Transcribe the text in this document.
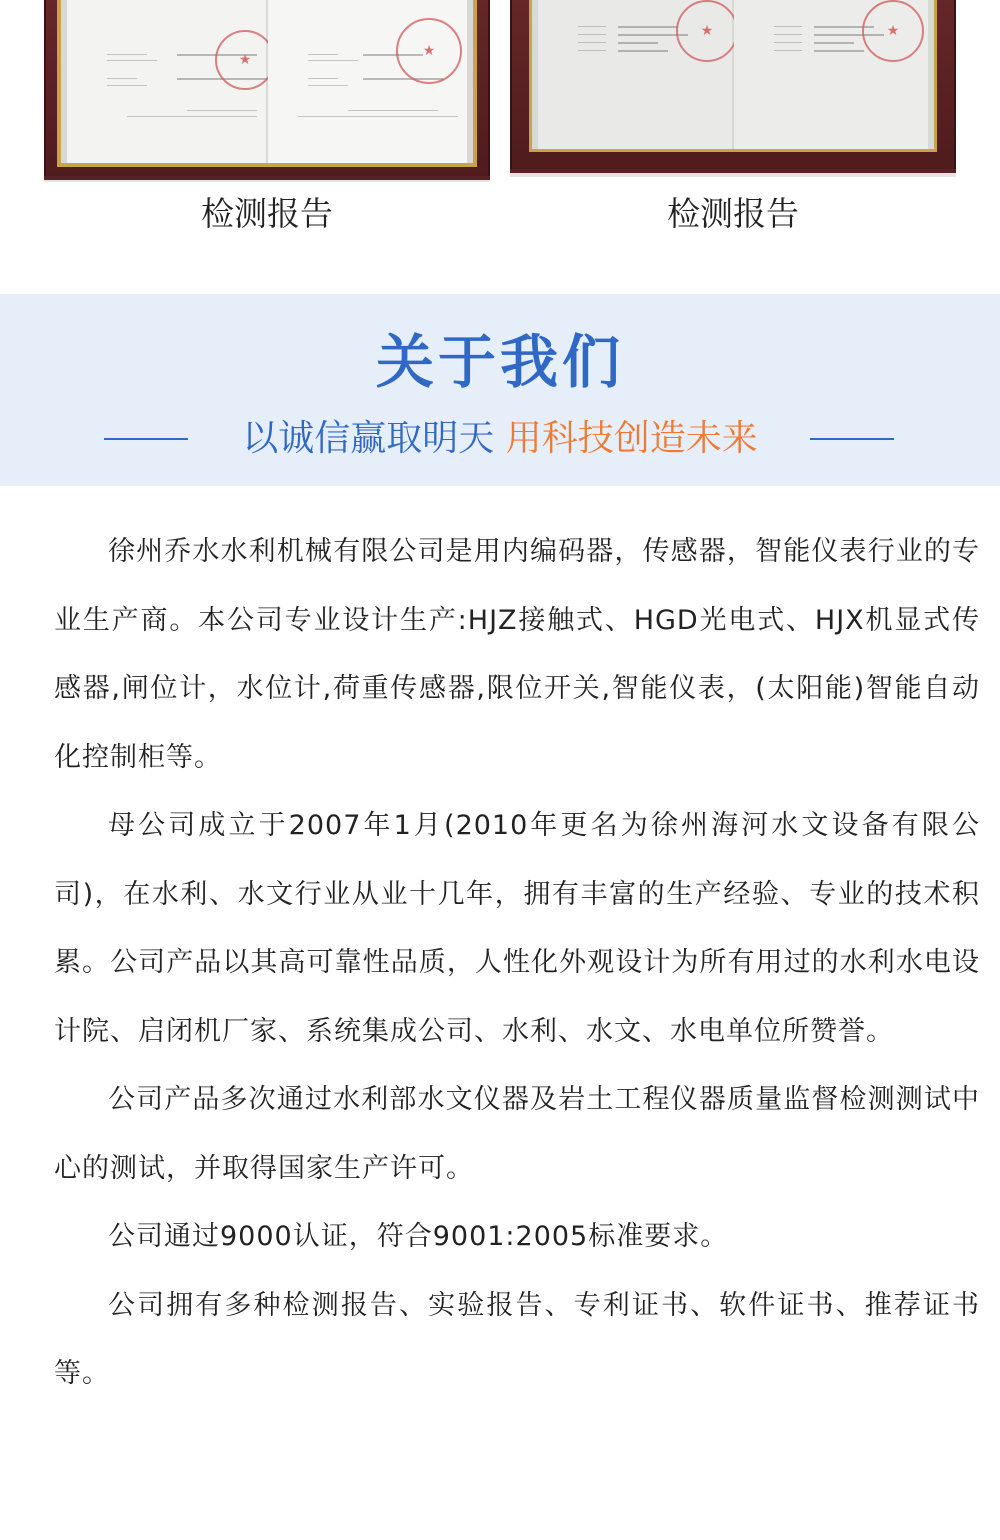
★
★
检测报告
★
★	检测报告
关于我们
以诚信赢取明天 用科技创造未来

徐州乔水水利机械有限公司是用内编码器，传感器，智能仪表行业的专业生产商。本公司专业设计生产:HJZ接触式、HGD光电式、HJX机显式传感器,闸位计，水位计,荷重传感器,限位开关,智能仪表，(太阳能)智能自动化控制柜等。

母公司成立于2007年1月(2010年更名为徐州海河水文设备有限公司)，在水利、水文行业从业十几年，拥有丰富的生产经验、专业的技术积累。公司产品以其高可靠性品质，人性化外观设计为所有用过的水利水电设计院、启闭机厂家、系统集成公司、水利、水文、水电单位所赞誉。

公司产品多次通过水利部水文仪器及岩土工程仪器质量监督检测测试中心的测试，并取得国家生产许可。

公司通过9000认证，符合9001:2005标准要求。

公司拥有多种检测报告、实验报告、专利证书、软件证书、推荐证书等。
